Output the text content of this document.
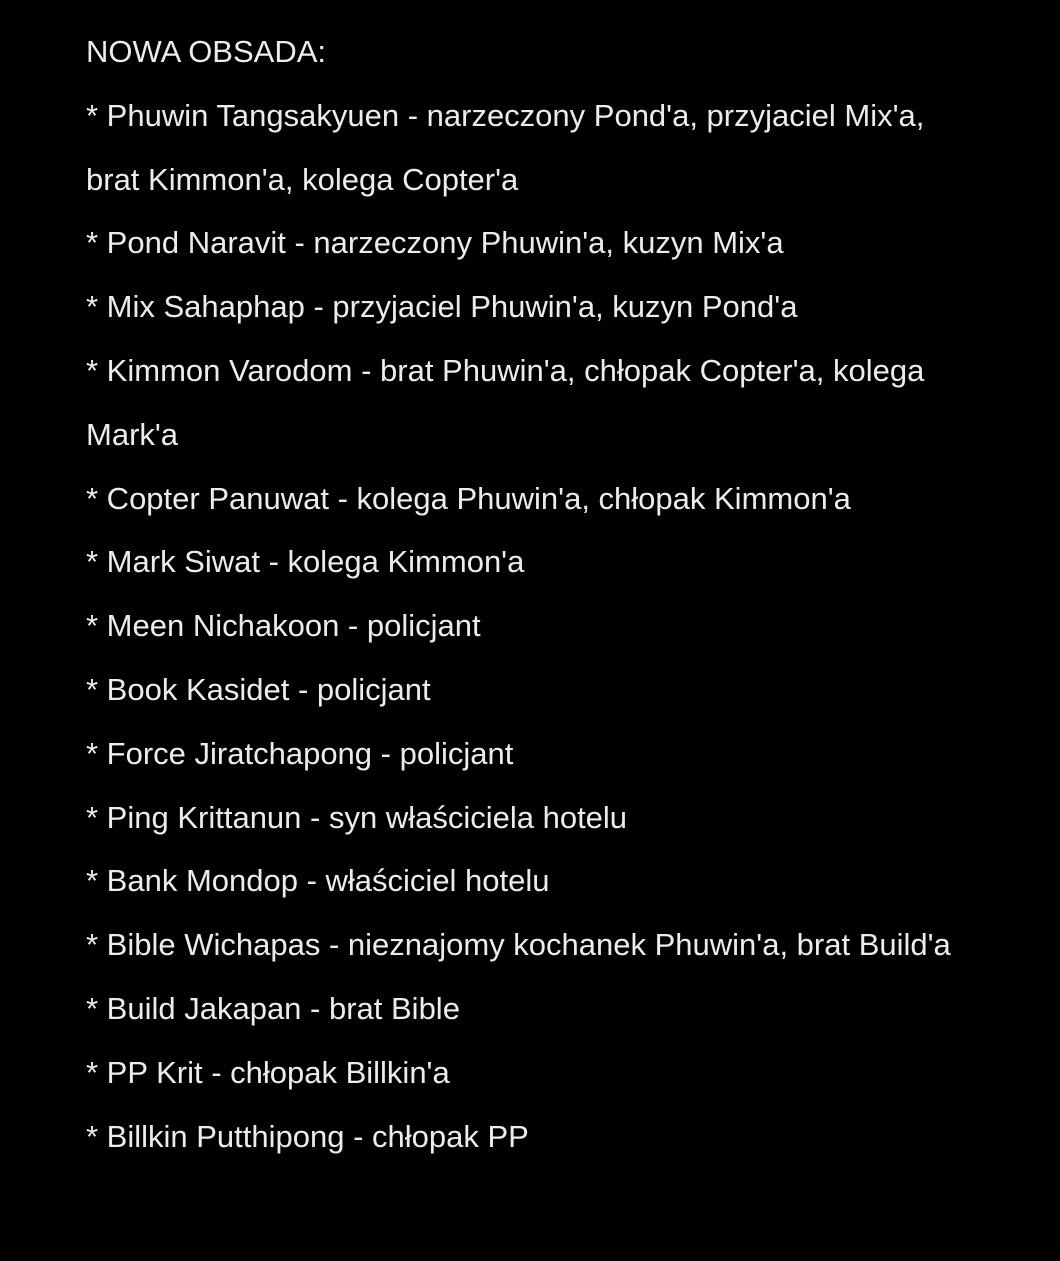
NOWA OBSADA:
* Phuwin Tangsakyuen - narzeczony Pond'a, przyjaciel Mix'a, brat Kimmon'a, kolega Copter'a
* Pond Naravit - narzeczony Phuwin'a, kuzyn Mix'a
* Mix Sahaphap - przyjaciel Phuwin'a, kuzyn Pond'a
* Kimmon Varodom - brat Phuwin'a, chłopak Copter'a, kolega Mark'a
* Copter Panuwat - kolega Phuwin'a, chłopak Kimmon'a
* Mark Siwat - kolega Kimmon'a
* Meen Nichakoon - policjant
* Book Kasidet - policjant
* Force Jiratchapong - policjant
* Ping Krittanun - syn właściciela hotelu
* Bank Mondop - właściciel hotelu
* Bible Wichapas - nieznajomy kochanek Phuwin'a, brat Build'a
* Build Jakapan - brat Bible
* PP Krit - chłopak Billkin'a
* Billkin Putthipong - chłopak PP
